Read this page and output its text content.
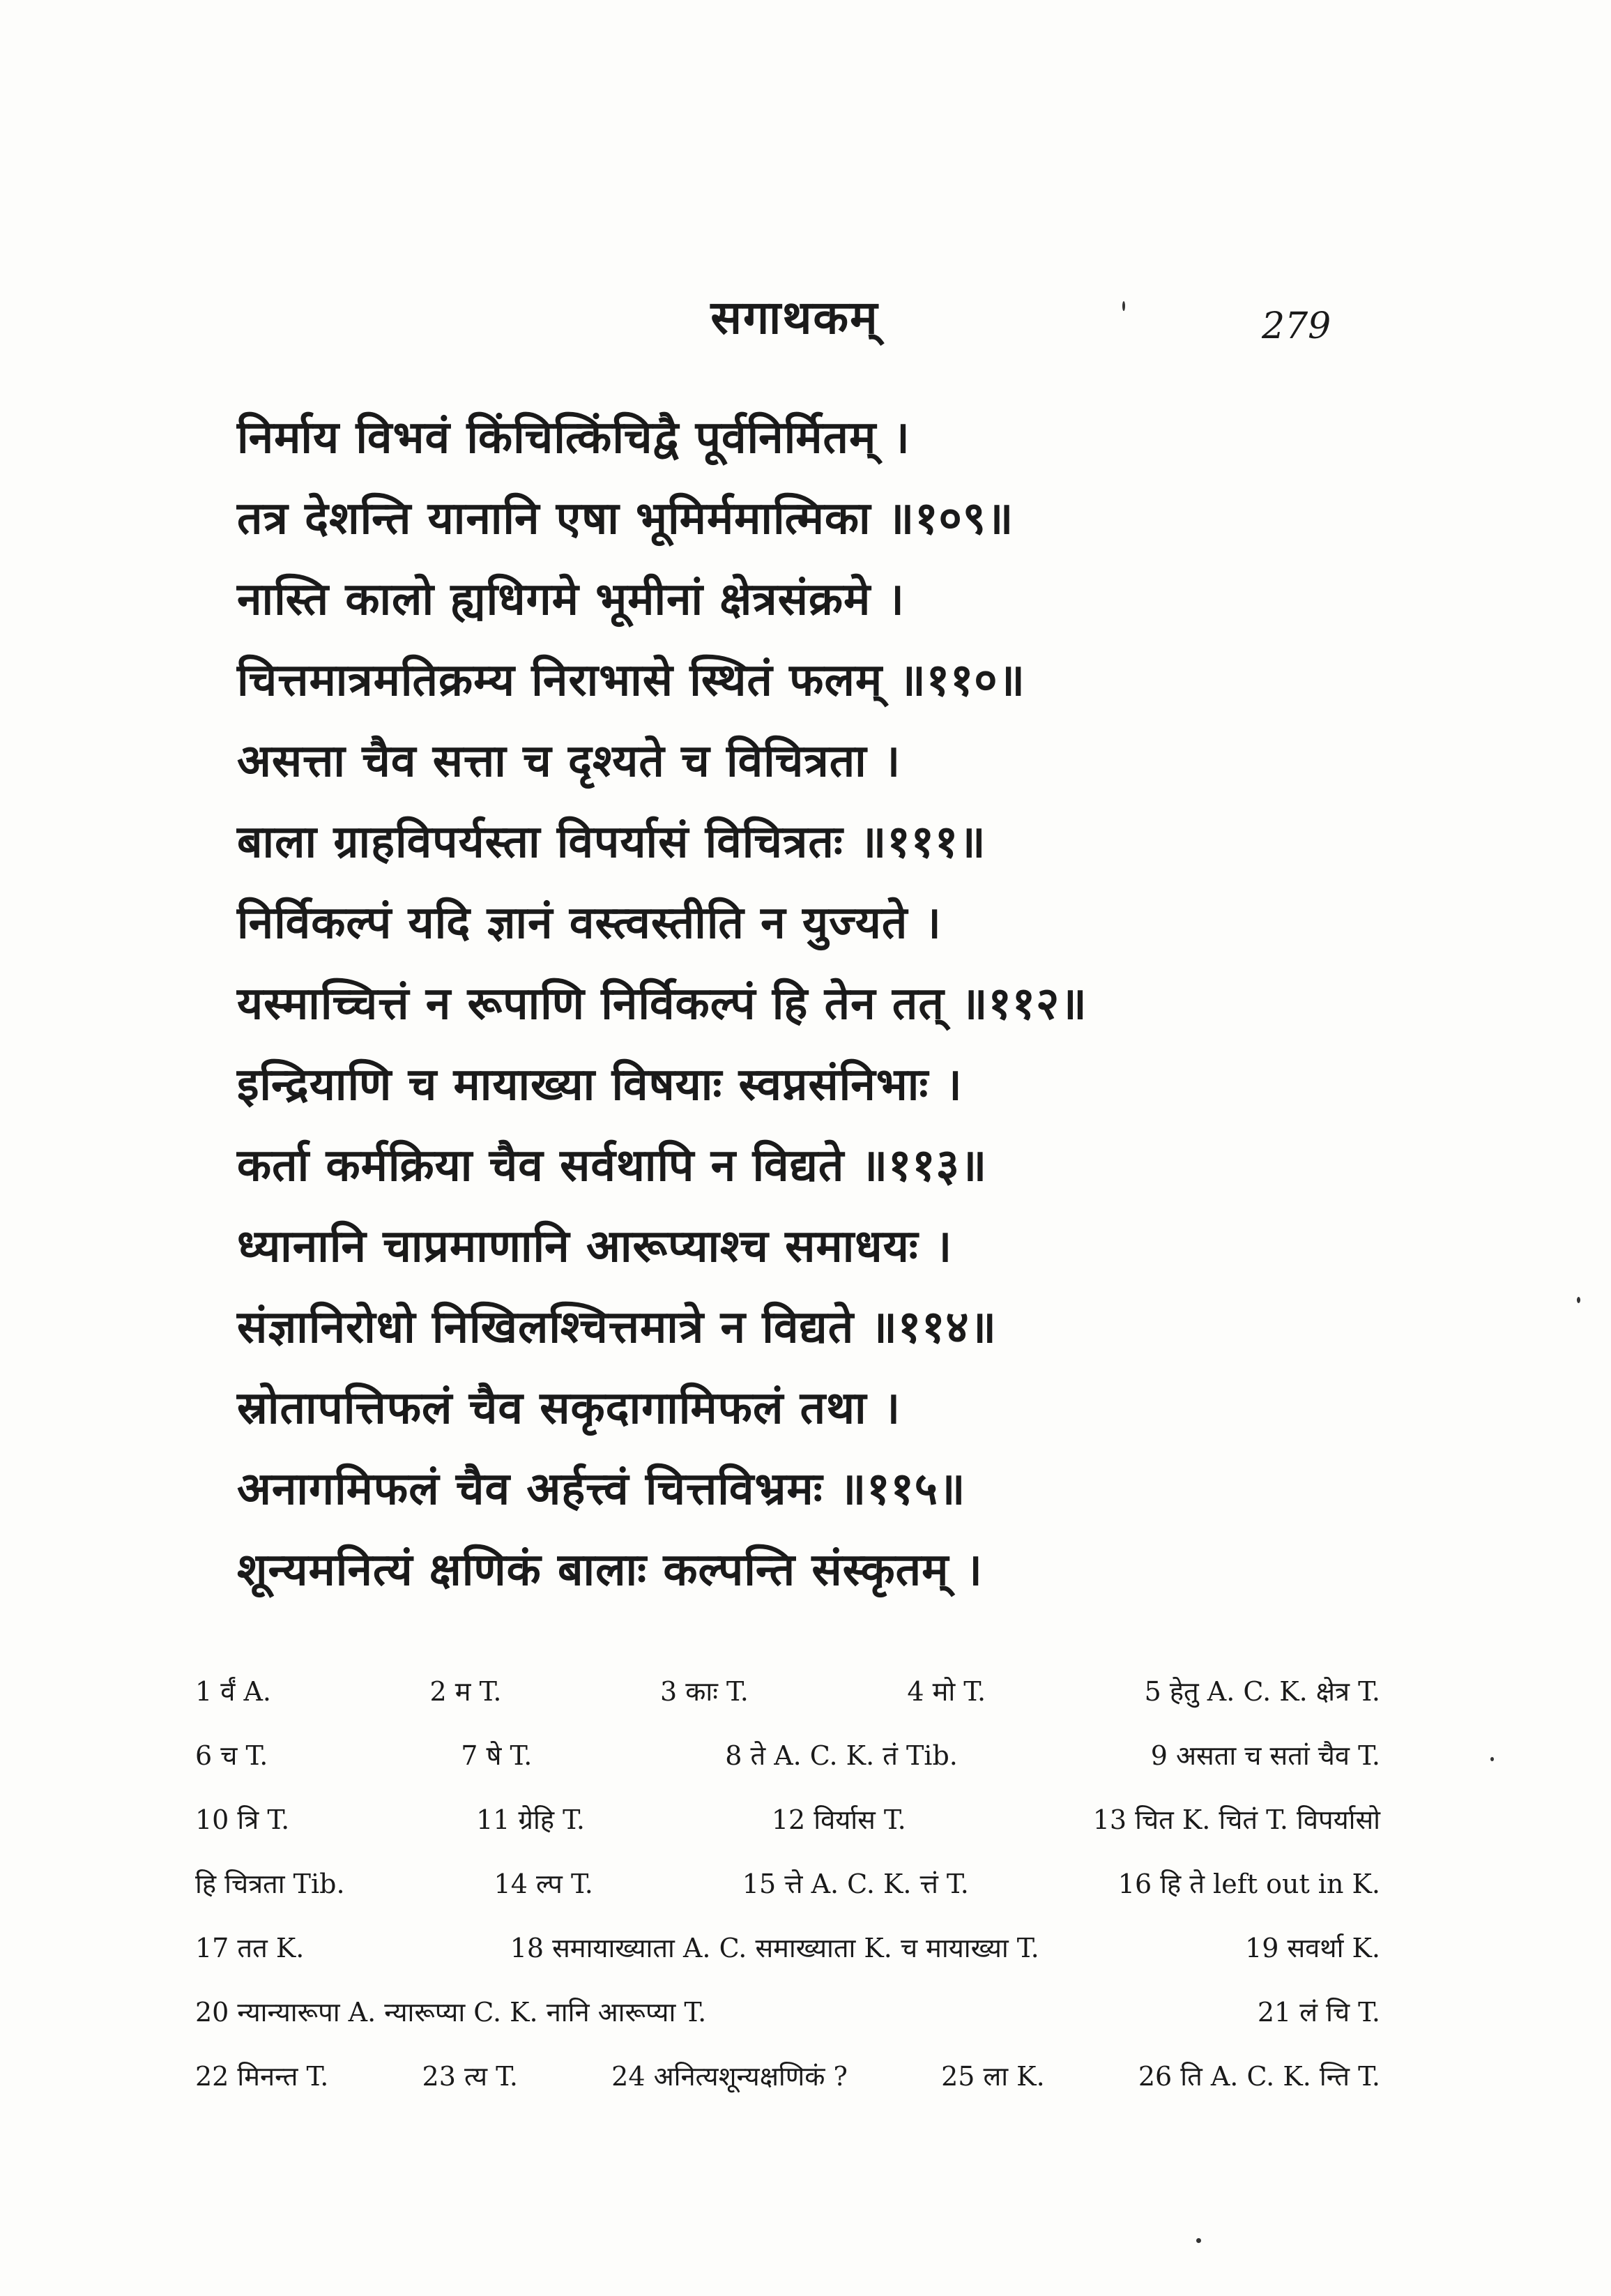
सगाथकम्	279
निर्माय विभवं किंचित्किंचिद्वै पूर्वनिर्मितम् ।
तत्र देशन्ति यानानि एषा भूमिर्ममात्मिका ॥१०९॥
नास्ति कालो ह्यधिगमे भूमीनां क्षेत्रसंक्रमे ।
चित्तमात्रमतिक्रम्य निराभासे स्थितं फलम् ॥११०॥
असत्ता चैव सत्ता च दृश्यते च विचित्रता ।
बाला ग्राहविपर्यस्ता विपर्यासं विचित्रतः ॥१११॥
निर्विकल्पं यदि ज्ञानं वस्त्वस्तीति न युज्यते ।
यस्माच्चित्तं न रूपाणि निर्विकल्पं हि तेन तत् ॥११२॥
इन्द्रियाणि च मायाख्या विषयाः स्वप्नसंनिभाः ।
कर्ता कर्मक्रिया चैव सर्वथापि न विद्यते ॥११३॥
ध्यानानि चाप्रमाणानि आरूप्याश्च समाधयः ।
संज्ञानिरोधो निखिलश्चित्तमात्रे न विद्यते ॥११४॥
स्रोतापत्तिफलं चैव सकृदागामिफलं तथा ।
अनागमिफलं चैव अर्हत्त्वं चित्तविभ्रमः ॥११५॥
शून्यमनित्यं क्षणिकं बालाः कल्पन्ति संस्कृतम् ।
1 र्वं A.	2 म T.	3 काः T.	4 मो T.	5 हेतु A. C. K. क्षेत्र T.
6 च T.	7 षे T.	8 ते A. C. K. तं Tib.	9 असता च सतां चैव T.
10 त्रि T.	11 ग्रेहि T.	12 विर्यास T.	13 चित K. चितं T. विपर्यासो
हि चित्रता Tib.	14 ल्प T.	15 त्ते A. C. K. त्तं T.	16 हि ते left out in K.
17 तत K.	18 समायाख्याता A. C. समाख्याता K. च मायाख्या T.	19 सवर्था K.
20 न्यान्यारूपा A. न्यारूप्या C. K. नानि आरूप्या T.	21 लं चि T.
22 मिनन्त T.	23 त्य T.	24 अनित्यशून्यक्षणिकं ?	25 ला K.	26 ति A. C. K. न्ति T.
